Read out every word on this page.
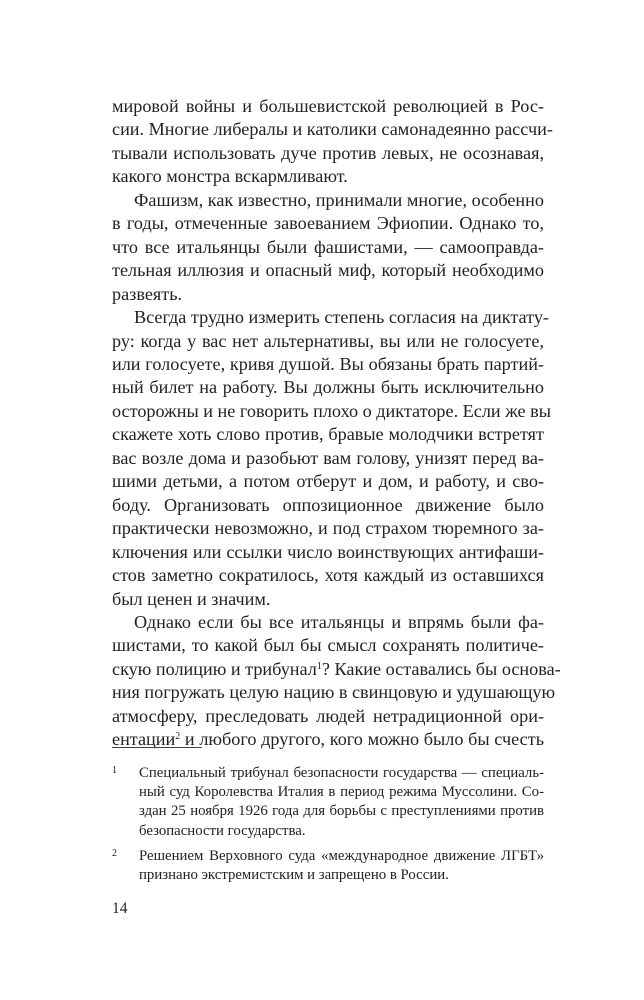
мировой войны и большевистской революцией в Рос-
сии. Многие либералы и католики самонадеянно рассчи-
тывали использовать дуче против левых, не осознавая,
какого монстра вскармливают.

Фашизм, как известно, принимали многие, особенно
в годы, отмеченные завоеванием Эфиопии. Однако то,
что все итальянцы были фашистами, — самооправда-
тельная иллюзия и опасный миф, который необходимо
развеять.

Всегда трудно измерить степень согласия на диктату-
ру: когда у вас нет альтернативы, вы или не голосуете,
или голосуете, кривя душой. Вы обязаны брать партий-
ный билет на работу. Вы должны быть исключительно
осторожны и не говорить плохо о диктаторе. Если же вы
скажете хоть слово против, бравые молодчики встретят
вас возле дома и разобьют вам голову, унизят перед ва-
шими детьми, а потом отберут и дом, и работу, и сво-
боду. Организовать оппозиционное движение было
практически невозможно, и под страхом тюремного за-
ключения или ссылки число воинствующих антифаши-
стов заметно сократилось, хотя каждый из оставшихся
был ценен и значим.

Однако если бы все итальянцы и впрямь были фа-
шистами, то какой был бы смысл сохранять политиче-
скую полицию и трибунал$^1$? Какие оставались бы основа-
ния погружать целую нацию в свинцовую и удушающую
атмосферу, преследовать людей нетрадиционной ори-
ентации$^2$ и любого другого, кого можно было бы счесть

1 Специальный трибунал безопасности государства — специаль-
ный суд Королевства Италия в период режима Муссолини. Со-
здан 25 ноября 1926 года для борьбы с преступлениями против
безопасности государства.
2 Решением Верховного суда «международное движение ЛГБТ»
признано экстремистским и запрещено в России.
14
